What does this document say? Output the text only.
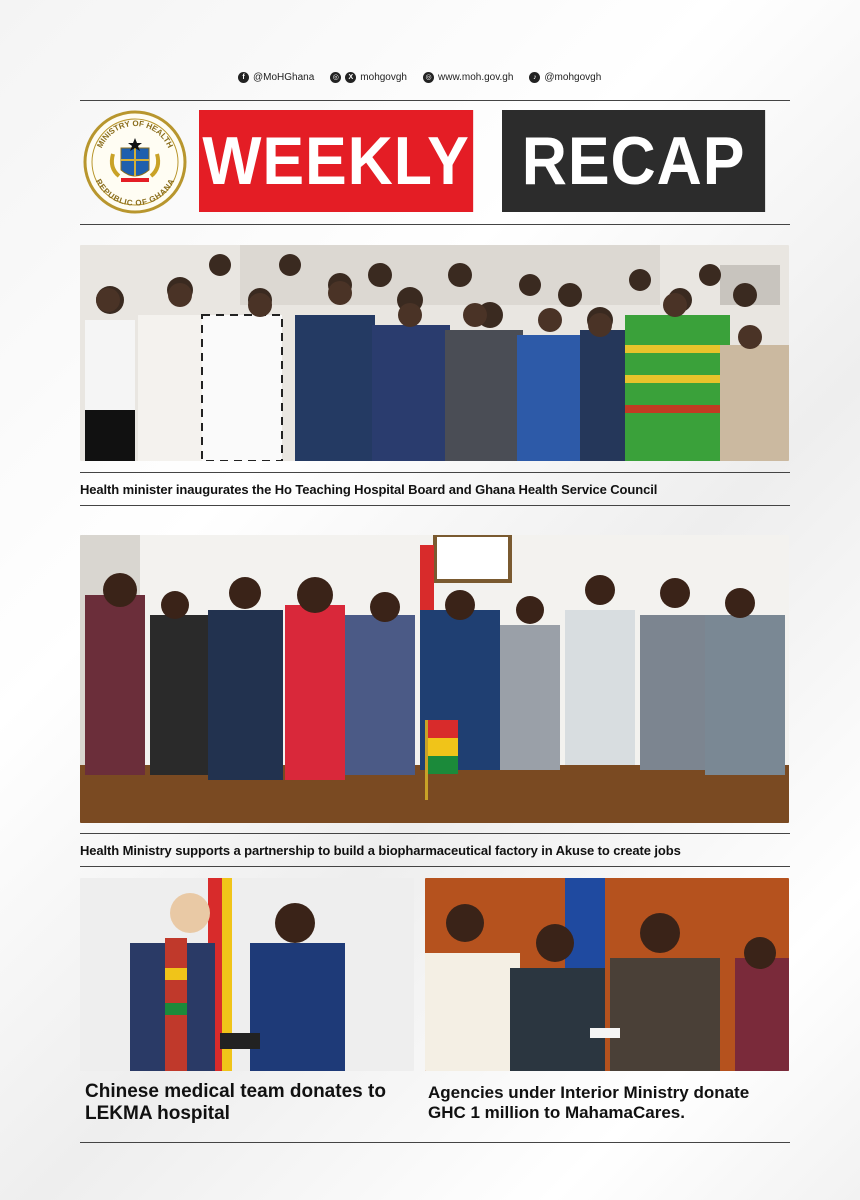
f @MoHGhana	◎	X mohgovgh	◎ www.moh.gov.gh	♪ @mohgovgh
MINISTRY OF HEALTH
REPUBLIC OF GHANA WEEKLY RECAP
Health minister inaugurates the Ho Teaching Hospital Board and Ghana Health Service Council
Health Ministry supports a partnership to build a biopharmaceutical factory in Akuse to create jobs
Chinese medical team donates to LEKMA hospital
Agencies under Interior Ministry donate GHC 1 million to MahamaCares.
